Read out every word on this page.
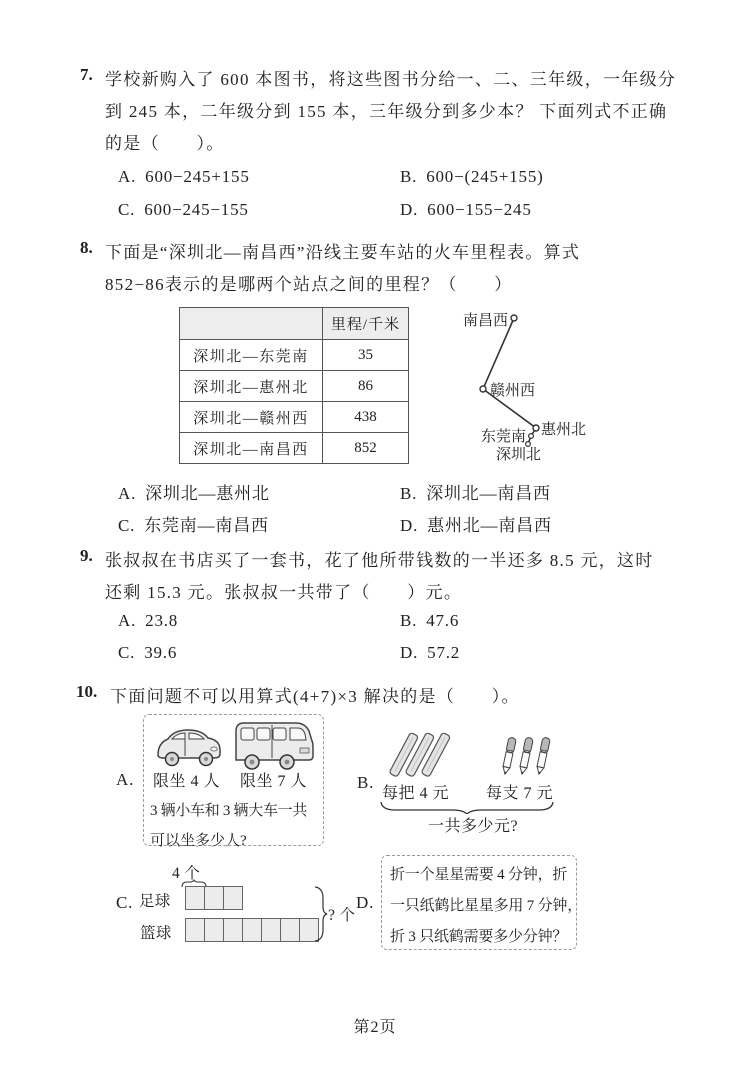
7. 学校新购入了 600 本图书，将这些图书分给一、二、三年级，一年级分
到 245 本，二年级分到 155 本，三年级分到多少本？ 下面列式不正确
的是（　　）。
A. 600−245+155	B. 600−(245+155)
C. 600−245−155	D. 600−155−245
8. 下面是“深圳北—南昌西”沿线主要车站的火车里程表。算式
852−86表示的是哪两个站点之间的里程？（　　）
	里程/千米
深圳北—东莞南	35
深圳北—惠州北	86
深圳北—赣州西	438
深圳北—南昌西	852
南昌西
赣州西
东莞南 惠州北
深圳北
A. 深圳北—惠州北	B. 深圳北—南昌西
C. 东莞南—南昌西	D. 惠州北—南昌西
9. 张叔叔在书店买了一套书，花了他所带钱数的一半还多 8.5 元，这时
还剩 15.3 元。张叔叔一共带了（　　）元。
A. 23.8	B. 47.6
C. 39.6	D. 57.2
10. 下面问题不可以用算式(4+7)×3 解决的是（　　）。
A. 限坐 4 人 限坐 7 人
3 辆小车和 3 辆大车一共
可以坐多少人?
B.
每把 4 元 每支 7 元
一共多少元?
C.
4 个
足球
篮球
? 个
D.
折一个星星需要 4 分钟，折
一只纸鹤比星星多用 7 分钟，
折 3 只纸鹤需要多少分钟？
第2页
